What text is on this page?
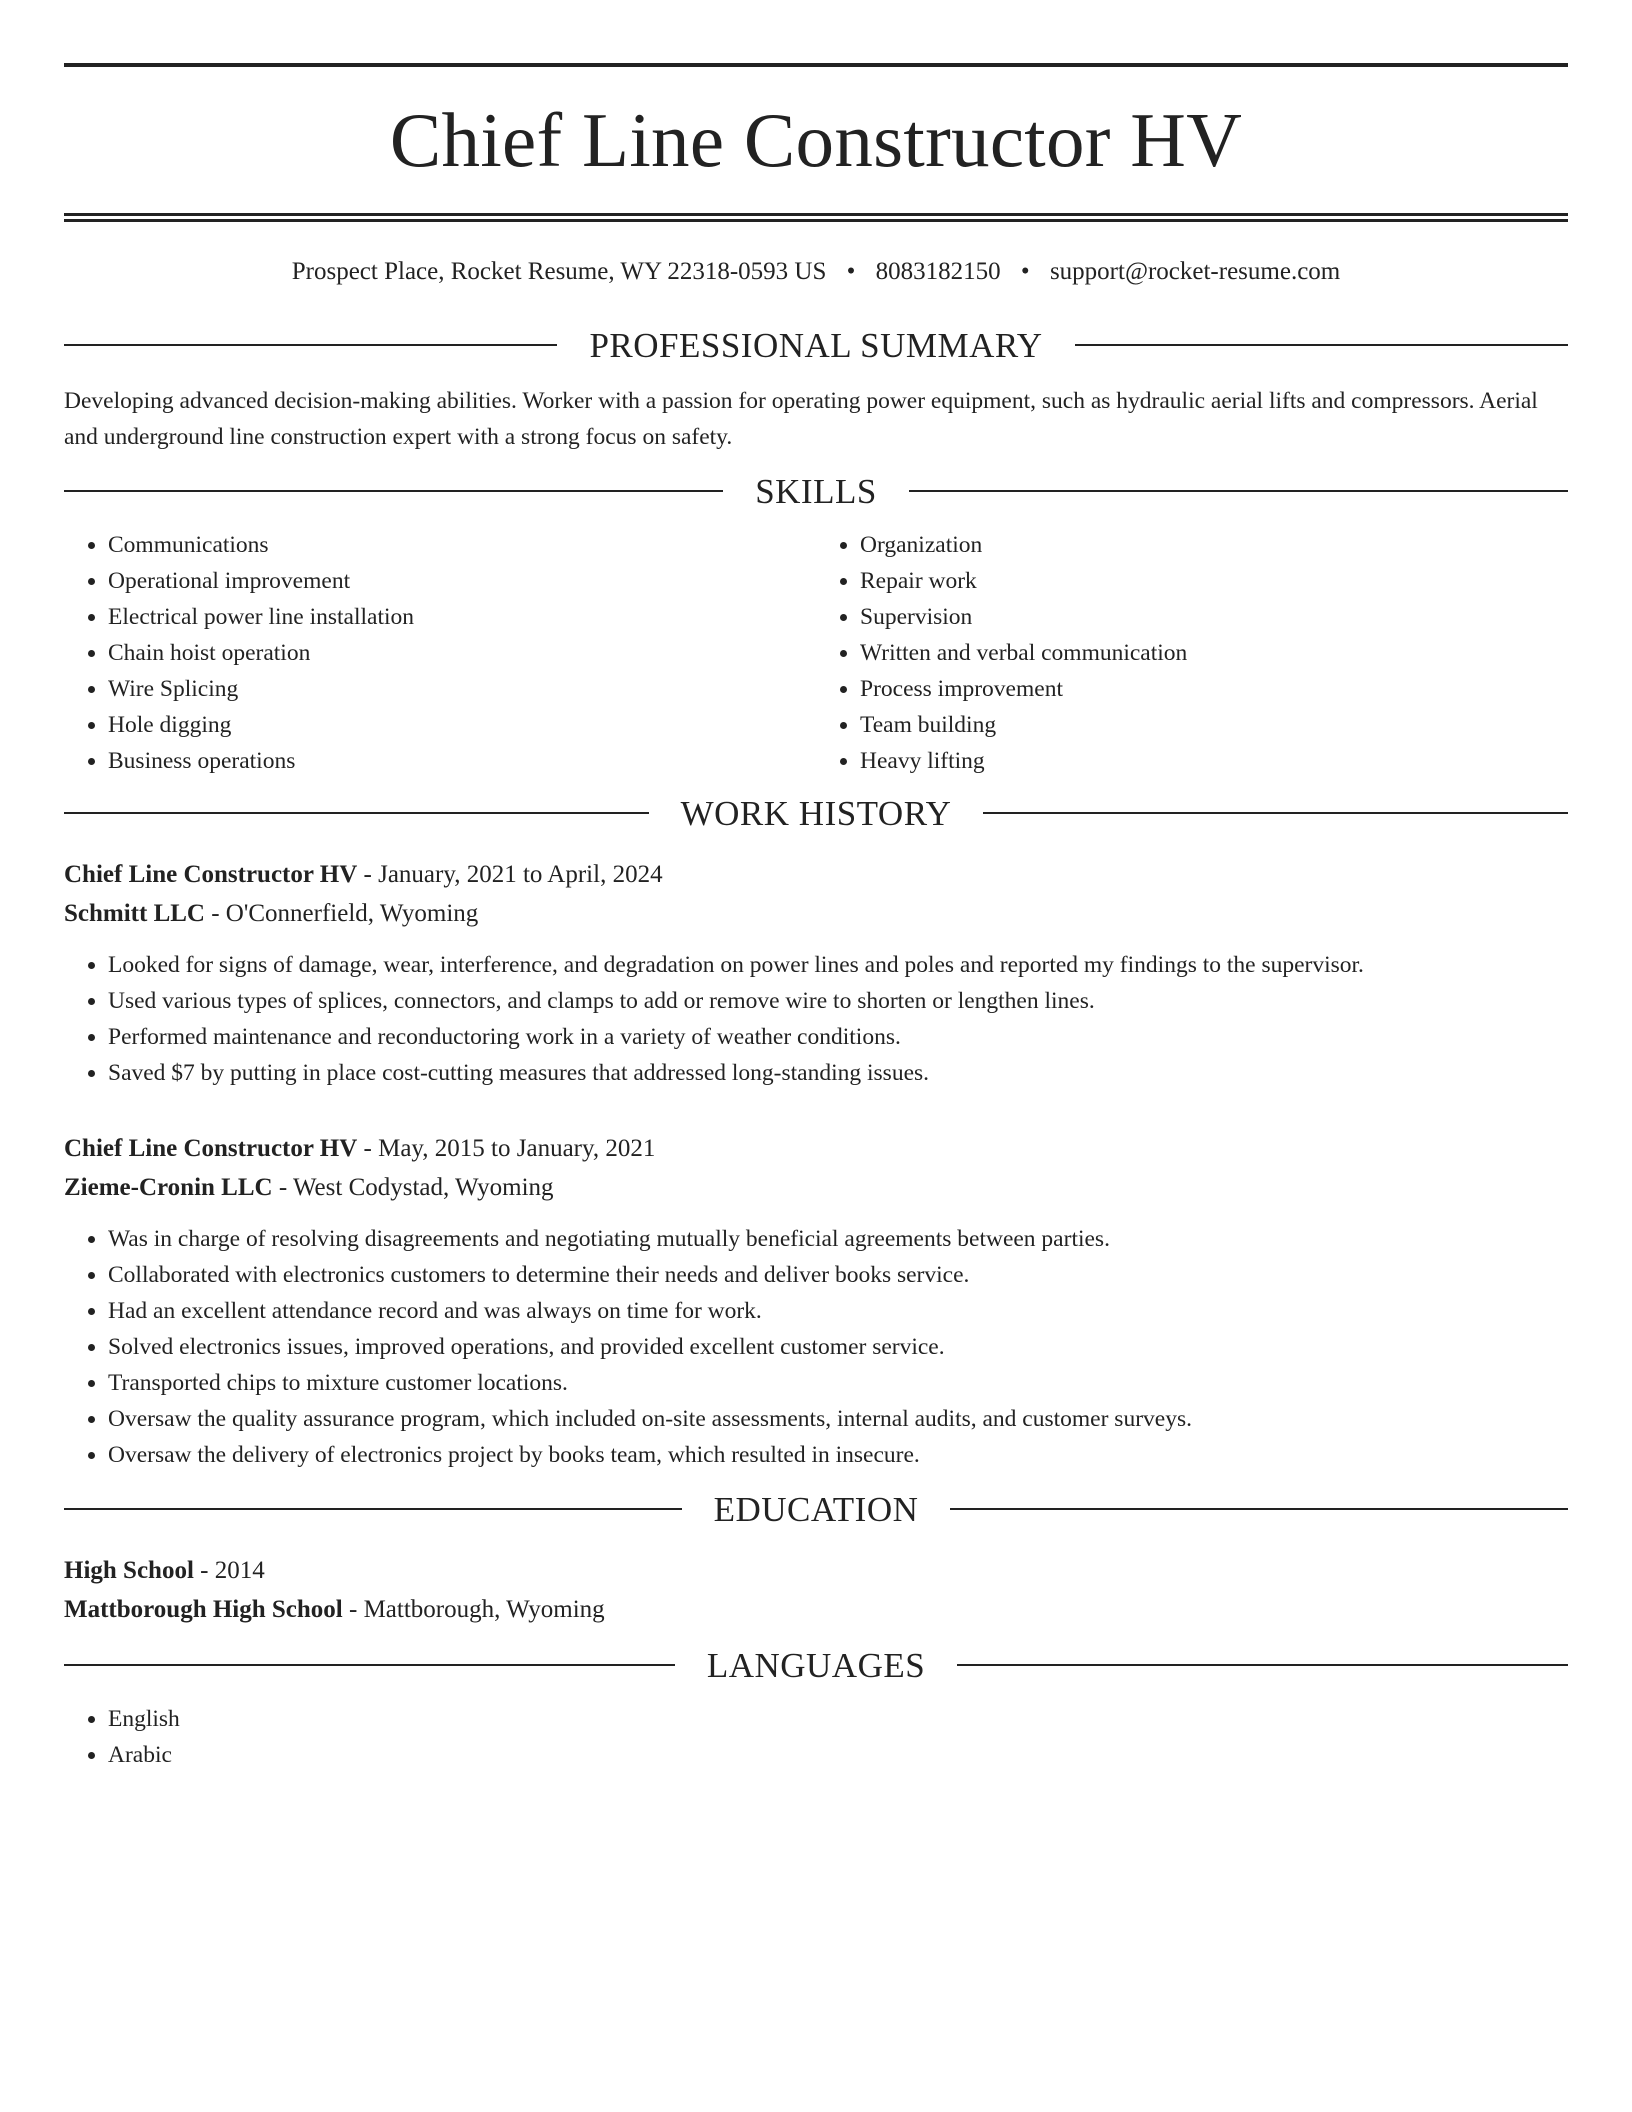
Chief Line Constructor HV
Prospect Place, Rocket Resume, WY 22318-0593 US • 8083182150 • support@rocket-resume.com
PROFESSIONAL SUMMARY
Developing advanced decision-making abilities. Worker with a passion for operating power equipment, such as hydraulic aerial lifts and compressors. Aerial and underground line construction expert with a strong focus on safety.
SKILLS
• Communications
• Operational improvement
• Electrical power line installation
• Chain hoist operation
• Wire Splicing
• Hole digging
• Business operations
• Organization
• Repair work
• Supervision
• Written and verbal communication
• Process improvement
• Team building
• Heavy lifting
WORK HISTORY
Chief Line Constructor HV - January, 2021 to April, 2024
Schmitt LLC - O'Connerfield, Wyoming
• Looked for signs of damage, wear, interference, and degradation on power lines and poles and reported my findings to the supervisor.
• Used various types of splices, connectors, and clamps to add or remove wire to shorten or lengthen lines.
• Performed maintenance and reconductoring work in a variety of weather conditions.
• Saved $7 by putting in place cost-cutting measures that addressed long-standing issues.
Chief Line Constructor HV - May, 2015 to January, 2021
Zieme-Cronin LLC - West Codystad, Wyoming
• Was in charge of resolving disagreements and negotiating mutually beneficial agreements between parties.
• Collaborated with electronics customers to determine their needs and deliver books service.
• Had an excellent attendance record and was always on time for work.
• Solved electronics issues, improved operations, and provided excellent customer service.
• Transported chips to mixture customer locations.
• Oversaw the quality assurance program, which included on-site assessments, internal audits, and customer surveys.
• Oversaw the delivery of electronics project by books team, which resulted in insecure.
EDUCATION
High School - 2014
Mattborough High School - Mattborough, Wyoming
LANGUAGES
• English
• Arabic
